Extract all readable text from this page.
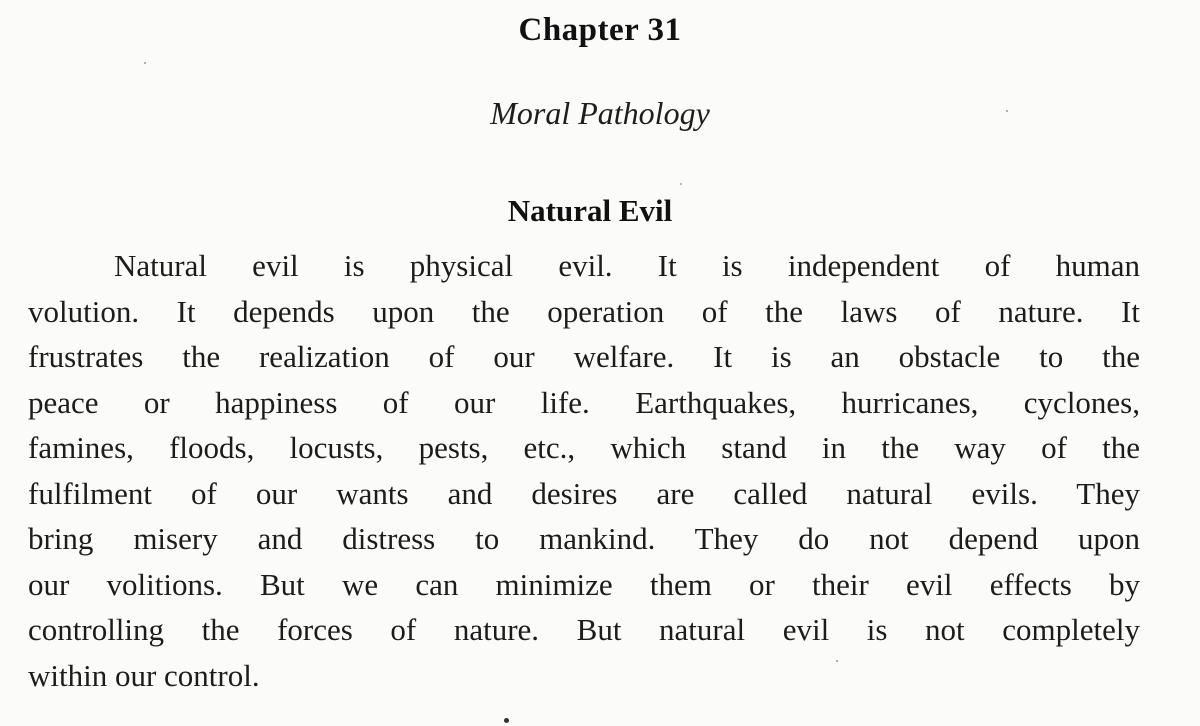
Chapter 31
Moral Pathology
Natural Evil
Natural evil is physical evil. It is independent of human
volution. It depends upon the operation of the laws of nature. It
frustrates the realization of our welfare. It is an obstacle to the
peace or happiness of our life. Earthquakes, hurricanes, cyclones,
famines, floods, locusts, pests, etc., which stand in the way of the
fulfilment of our wants and desires are called natural evils. They
bring misery and distress to mankind. They do not depend upon
our volitions. But we can minimize them or their evil effects by
controlling the forces of nature. But natural evil is not completely
within our control.
